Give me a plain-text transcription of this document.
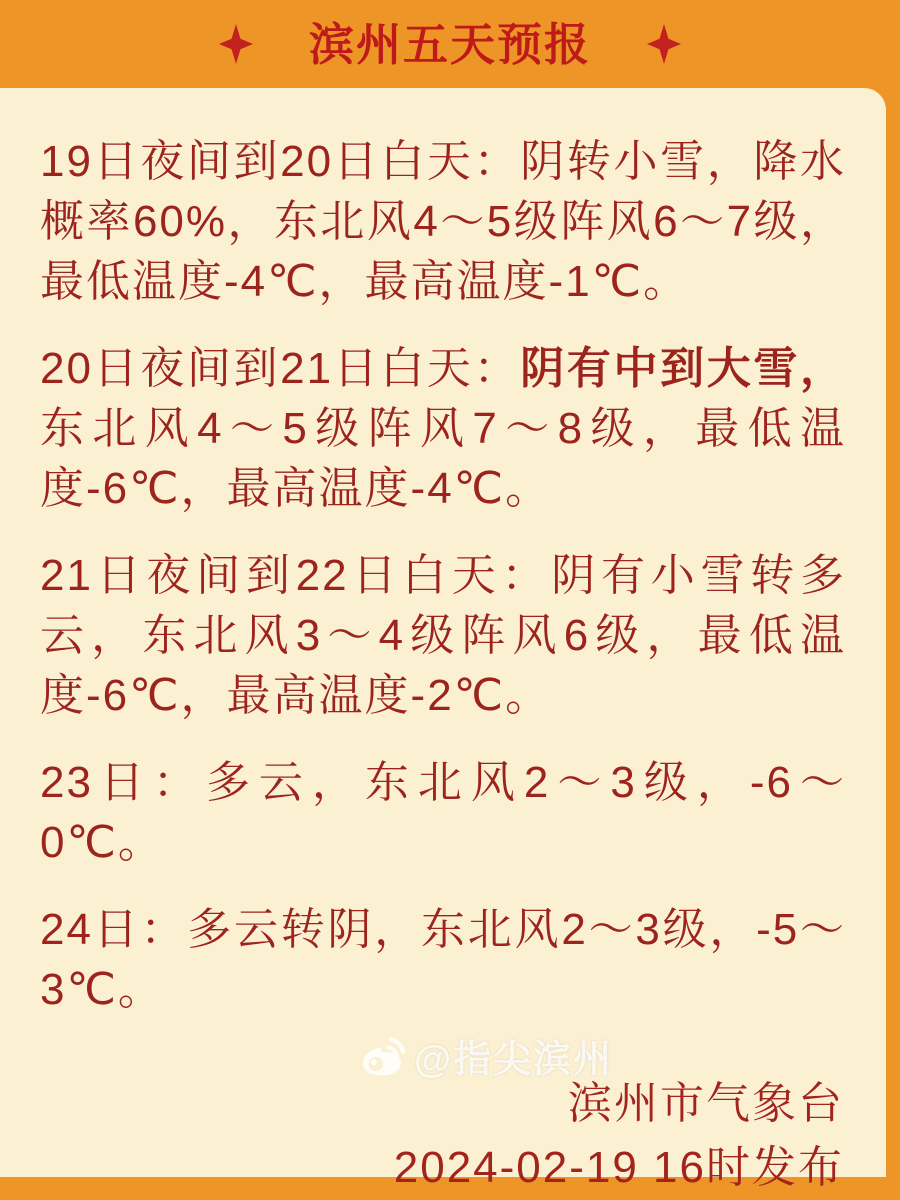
滨州五天预报

19日夜间到20日白天：阴转小雪，降水概率60%，东北风4～5级阵风6～7级，最低温度-4℃，最高温度-1℃。

20日夜间到21日白天：阴有中到大雪，东北风4～5级阵风7～8级，最低温度-6℃，最高温度-4℃。

21日夜间到22日白天：阴有小雪转多云，东北风3～4级阵风6级，最低温度-6℃，最高温度-2℃。

23日：多云，东北风2～3级，-6～0℃。

24日：多云转阴，东北风2～3级，-5～3℃。

滨州市气象台
2024-02-19 16时发布
@指尖滨州
